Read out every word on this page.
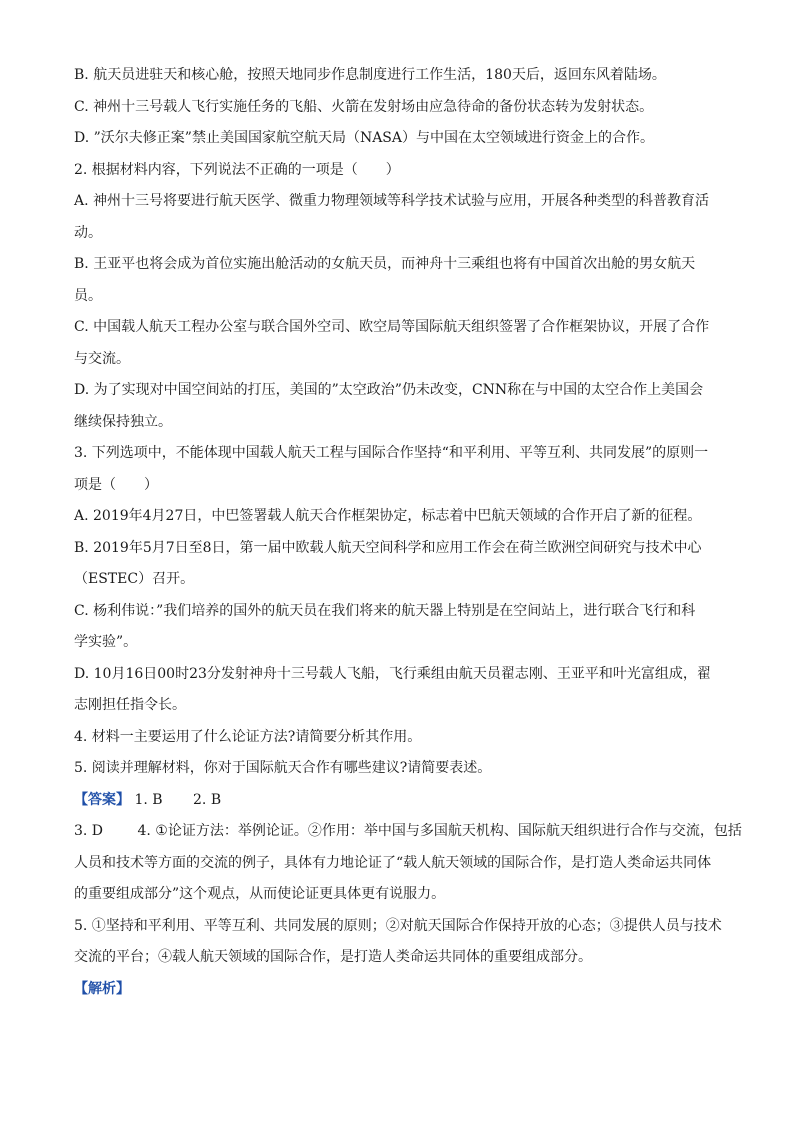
B. 航天员进驻天和核心舱，按照天地同步作息制度进行工作生活，180天后，返回东风着陆场。
C. 神州十三号载人飞行实施任务的飞船、火箭在发射场由应急待命的备份状态转为发射状态。
D. ”沃尔夫修正案”禁止美国国家航空航天局（NASA）与中国在太空领域进行资金上的合作。
2. 根据材料内容，下列说法不正确的一项是（　　）
A. 神州十三号将要进行航天医学、微重力物理领域等科学技术试验与应用，开展各种类型的科普教育活
动。
B. 王亚平也将会成为首位实施出舱活动的女航天员，而神舟十三乘组也将有中国首次出舱的男女航天
员。
C. 中国载人航天工程办公室与联合国外空司、欧空局等国际航天组织签署了合作框架协议，开展了合作
与交流。
D. 为了实现对中国空间站的打压，美国的”太空政治”仍未改变，CNN称在与中国的太空合作上美国会
继续保持独立。
3. 下列选项中，不能体现中国载人航天工程与国际合作坚持“和平利用、平等互利、共同发展”的原则一
项是（　　）
A. 2019年4月27日，中巴签署载人航天合作框架协定，标志着中巴航天领域的合作开启了新的征程。
B. 2019年5月7日至8日，第一届中欧载人航天空间科学和应用工作会在荷兰欧洲空间研究与技术中心
（ESTEC）召开。
C. 杨利伟说：”我们培养的国外的航天员在我们将来的航天器上特别是在空间站上，进行联合飞行和科
学实验”。
D. 10月16日00时23分发射神舟十三号载人飞船，飞行乘组由航天员翟志刚、王亚平和叶光富组成，翟
志刚担任指令长。
4. 材料一主要运用了什么论证方法?请简要分析其作用。
5. 阅读并理解材料，你对于国际航天合作有哪些建议?请简要表述。
【答案】 1. B 2. B
3. D 4. ①论证方法：举例论证。②作用：举中国与多国航天机构、国际航天组织进行合作与交流，包括
人员和技术等方面的交流的例子，具体有力地论证了“载人航天领域的国际合作，是打造人类命运共同体
的重要组成部分”这个观点，从而使论证更具体更有说服力。
5. ①坚持和平利用、平等互利、共同发展的原则；②对航天国际合作保持开放的心态；③提供人员与技术
交流的平台；④载人航天领域的国际合作，是打造人类命运共同体的重要组成部分。
【解析】
